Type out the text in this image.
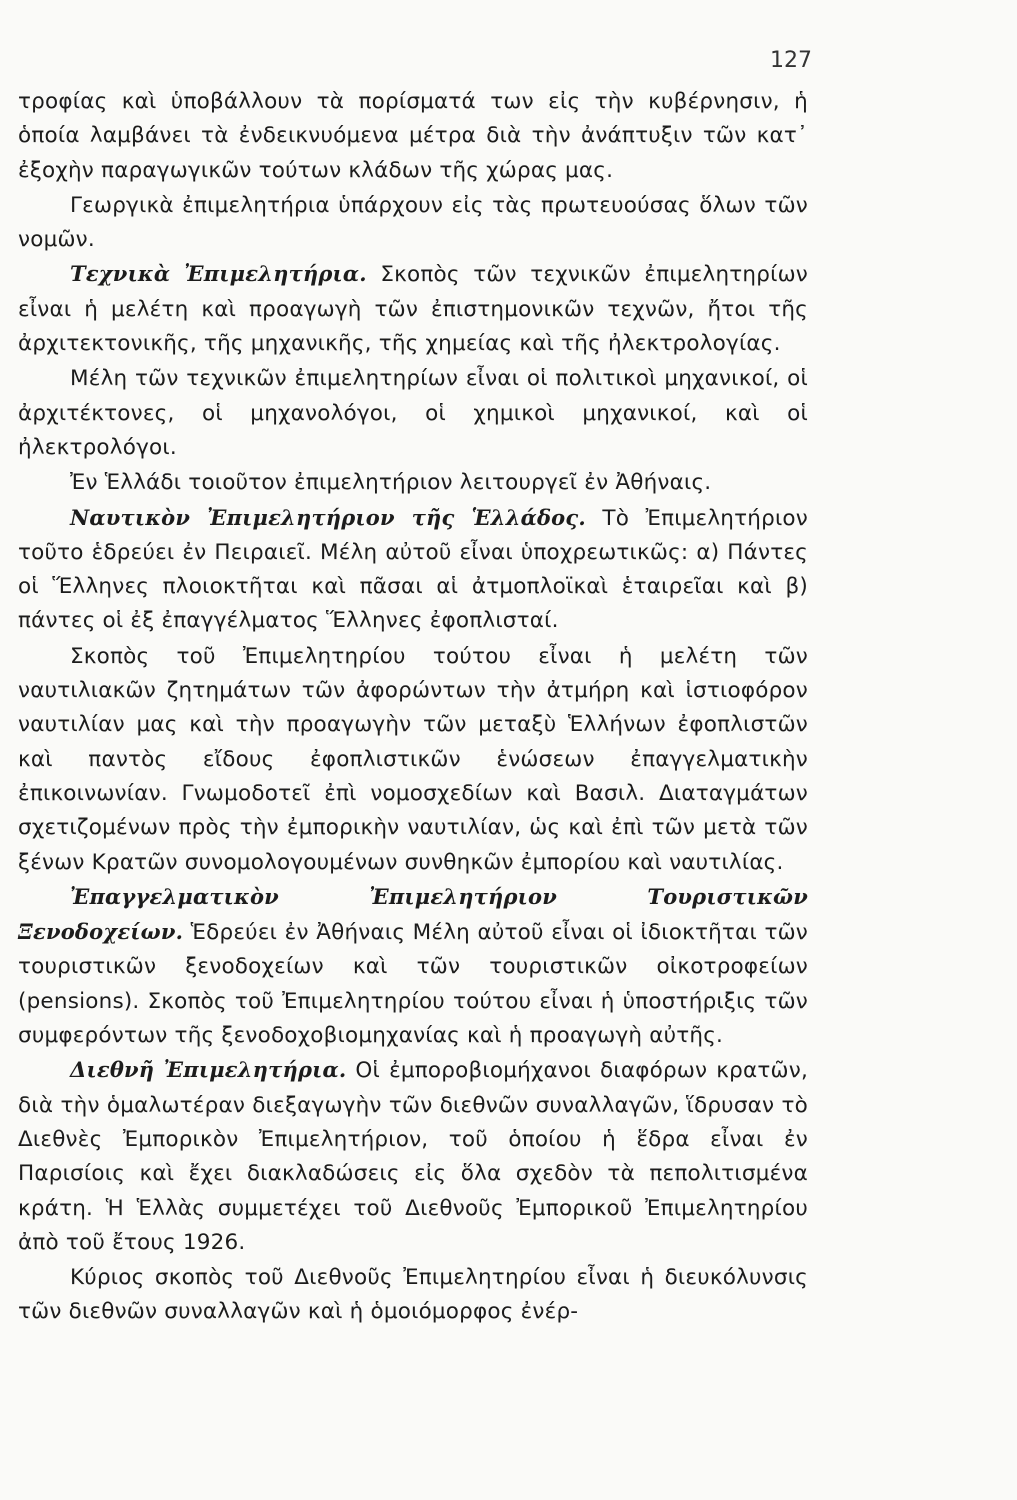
127

τροφίας καὶ ὑποβάλλουν τὰ πορίσματά των εἰς τὴν κυβέρνησιν, ἡ ὁποία λαμβάνει τὰ ἐνδεικνυόμενα μέτρα διὰ τὴν ἀνάπτυξιν τῶν κατ᾿ ἐξοχὴν παραγωγικῶν τούτων κλάδων τῆς χώρας μας.

Γεωργικὰ ἐπιμελητήρια ὑπάρχουν εἰς τὰς πρωτευούσας ὅλων τῶν νομῶν.

Τεχνικὰ Ἐπιμελητήρια. Σκοπὸς τῶν τεχνικῶν ἐπιμελητηρίων εἶναι ἡ μελέτη καὶ προαγωγὴ τῶν ἐπιστημονικῶν τεχνῶν, ἤτοι τῆς ἀρχιτεκτονικῆς, τῆς μηχανικῆς, τῆς χημείας καὶ τῆς ἠλεκτρολογίας.

Μέλη τῶν τεχνικῶν ἐπιμελητηρίων εἶναι οἱ πολιτικοὶ μηχανικοί, οἱ ἀρχιτέκτονες, οἱ μηχανολόγοι, οἱ χημικοὶ μηχανικοί, καὶ οἱ ἠλεκτρολόγοι.

Ἐν Ἑλλάδι τοιοῦτον ἐπιμελητήριον λειτουργεῖ ἐν Ἀθήναις.

Ναυτικὸν Ἐπιμελητήριον τῆς Ἑλλάδος. Τὸ Ἐπιμελητήριον τοῦτο ἑδρεύει ἐν Πειραιεῖ. Μέλη αὐτοῦ εἶναι ὑποχρεωτικῶς: α) Πάντες οἱ Ἕλληνες πλοιοκτῆται καὶ πᾶσαι αἱ ἀτμοπλοϊκαὶ ἑταιρεῖαι καὶ β) πάντες οἱ ἐξ ἐπαγγέλματος Ἕλληνες ἐφοπλισταί.

Σκοπὸς τοῦ Ἐπιμελητηρίου τούτου εἶναι ἡ μελέτη τῶν ναυτιλιακῶν ζητημάτων τῶν ἀφορώντων τὴν ἀτμήρη καὶ ἱστιοφόρον ναυτιλίαν μας καὶ τὴν προαγωγὴν τῶν μεταξὺ Ἑλλήνων ἐφοπλιστῶν καὶ παντὸς εἴδους ἐφοπλιστικῶν ἑνώσεων ἐπαγγελματικὴν ἐπικοινωνίαν. Γνωμοδοτεῖ ἐπὶ νομοσχεδίων καὶ Βασιλ. Διαταγμάτων σχετιζομένων πρὸς τὴν ἐμπορικὴν ναυτιλίαν, ὡς καὶ ἐπὶ τῶν μετὰ τῶν ξένων Κρατῶν συνομολογουμένων συνθηκῶν ἐμπορίου καὶ ναυτιλίας.

Ἐπαγγελματικὸν Ἐπιμελητήριον Τουριστικῶν Ξενοδοχείων. Ἑδρεύει ἐν Ἀθήναις Μέλη αὐτοῦ εἶναι οἱ ἰδιοκτῆται τῶν τουριστικῶν ξενοδοχείων καὶ τῶν τουριστικῶν οἰκοτροφείων (pensions). Σκοπὸς τοῦ Ἐπιμελητηρίου τούτου εἶναι ἡ ὑποστήριξις τῶν συμφερόντων τῆς ξενοδοχοβιομηχανίας καὶ ἡ προαγωγὴ αὐτῆς.

Διεθνῆ Ἐπιμελητήρια. Οἱ ἐμποροβιομήχανοι διαφόρων κρατῶν, διὰ τὴν ὁμαλωτέραν διεξαγωγὴν τῶν διεθνῶν συναλλαγῶν, ἵδρυσαν τὸ Διεθνὲς Ἐμπορικὸν Ἐπιμελητήριον, τοῦ ὁποίου ἡ ἕδρα εἶναι ἐν Παρισίοις καὶ ἔχει διακλαδώσεις εἰς ὅλα σχεδὸν τὰ πεπολιτισμένα κράτη. Ἡ Ἑλλὰς συμμετέχει τοῦ Διεθνοῦς Ἐμπορικοῦ Ἐπιμελητηρίου ἀπὸ τοῦ ἔτους 1926.

Κύριος σκοπὸς τοῦ Διεθνοῦς Ἐπιμελητηρίου εἶναι ἡ διευκόλυνσις τῶν διεθνῶν συναλλαγῶν καὶ ἡ ὁμοιόμορφος ἐνέρ-
